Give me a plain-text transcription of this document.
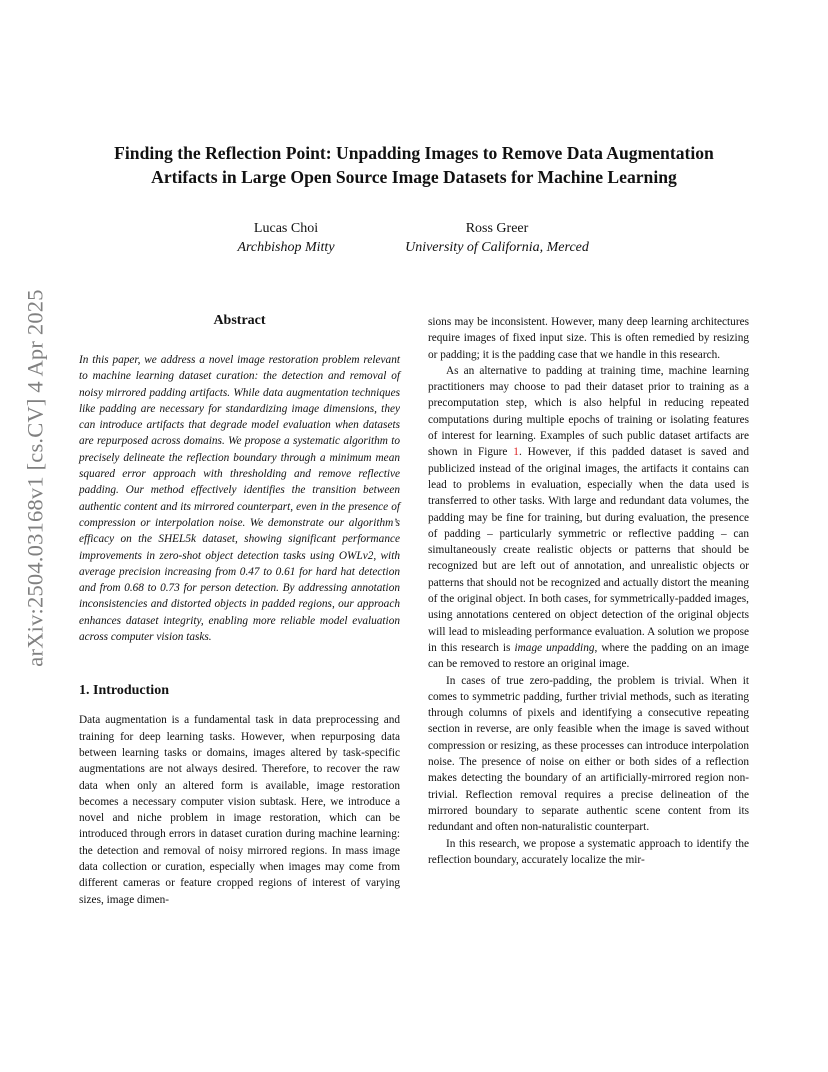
Finding the Reflection Point: Unpadding Images to Remove Data Augmentation
Artifacts in Large Open Source Image Datasets for Machine Learning
Lucas Choi
Archbishop Mitty
Ross Greer
University of California, Merced
arXiv:2504.03168v1 [cs.CV] 4 Apr 2025	Abstract

In this paper, we address a novel image restoration problem relevant to machine learning dataset curation: the detection and removal of noisy mirrored padding artifacts. While data augmentation techniques like padding are necessary for standardizing image dimensions, they can introduce artifacts that degrade model evaluation when datasets are repurposed across domains. We propose a systematic algorithm to precisely delineate the reflection boundary through a minimum mean squared error approach with thresholding and remove reflective padding. Our method effectively identifies the transition between authentic content and its mirrored counterpart, even in the presence of compression or interpolation noise. We demonstrate our algorithm’s efficacy on the SHEL5k dataset, showing significant performance improvements in zero-shot object detection tasks using OWLv2, with average precision increasing from 0.47 to 0.61 for hard hat detection and from 0.68 to 0.73 for person detection. By addressing annotation inconsistencies and distorted objects in padded regions, our approach enhances dataset integrity, enabling more reliable model evaluation across computer vision tasks.

1. Introduction

Data augmentation is a fundamental task in data preprocessing and training for deep learning tasks. However, when repurposing data between learning tasks or domains, images altered by task-specific augmentations are not always desired. Therefore, to recover the raw data when only an altered form is available, image restoration becomes a necessary computer vision subtask. Here, we introduce a novel and niche problem in image restoration, which can be introduced through errors in dataset curation during machine learning: the detection and removal of noisy mirrored regions. In mass image data collection or curation, especially when images may come from different cameras or feature cropped regions of interest of varying sizes, image dimen-

sions may be inconsistent. However, many deep learning architectures require images of fixed input size. This is often remedied by resizing or padding; it is the padding case that we handle in this research.

As an alternative to padding at training time, machine learning practitioners may choose to pad their dataset prior to training as a precomputation step, which is also helpful in reducing repeated computations during multiple epochs of training or isolating features of interest for learning. Examples of such public dataset artifacts are shown in Figure 1. However, if this padded dataset is saved and publicized instead of the original images, the artifacts it contains can lead to problems in evaluation, especially when the data used is transferred to other tasks. With large and redundant data volumes, the padding may be fine for training, but during evaluation, the presence of padding – particularly symmetric or reflective padding – can simultaneously create realistic objects or patterns that should be recognized but are left out of annotation, and unrealistic objects or patterns that should not be recognized and actually distort the meaning of the original object. In both cases, for symmetrically-padded images, using annotations centered on object detection of the original objects will lead to misleading performance evaluation. A solution we propose in this research is image unpadding, where the padding on an image can be removed to restore an original image.

In cases of true zero-padding, the problem is trivial. When it comes to symmetric padding, further trivial methods, such as iterating through columns of pixels and identifying a consecutive repeating section in reverse, are only feasible when the image is saved without compression or resizing, as these processes can introduce interpolation noise. The presence of noise on either or both sides of a reflection makes detecting the boundary of an artificially-mirrored region non-trivial. Reflection removal requires a precise delineation of the mirrored boundary to separate authentic scene content from its redundant and often non-naturalistic counterpart.

In this research, we propose a systematic approach to identify the reflection boundary, accurately localize the mir-
